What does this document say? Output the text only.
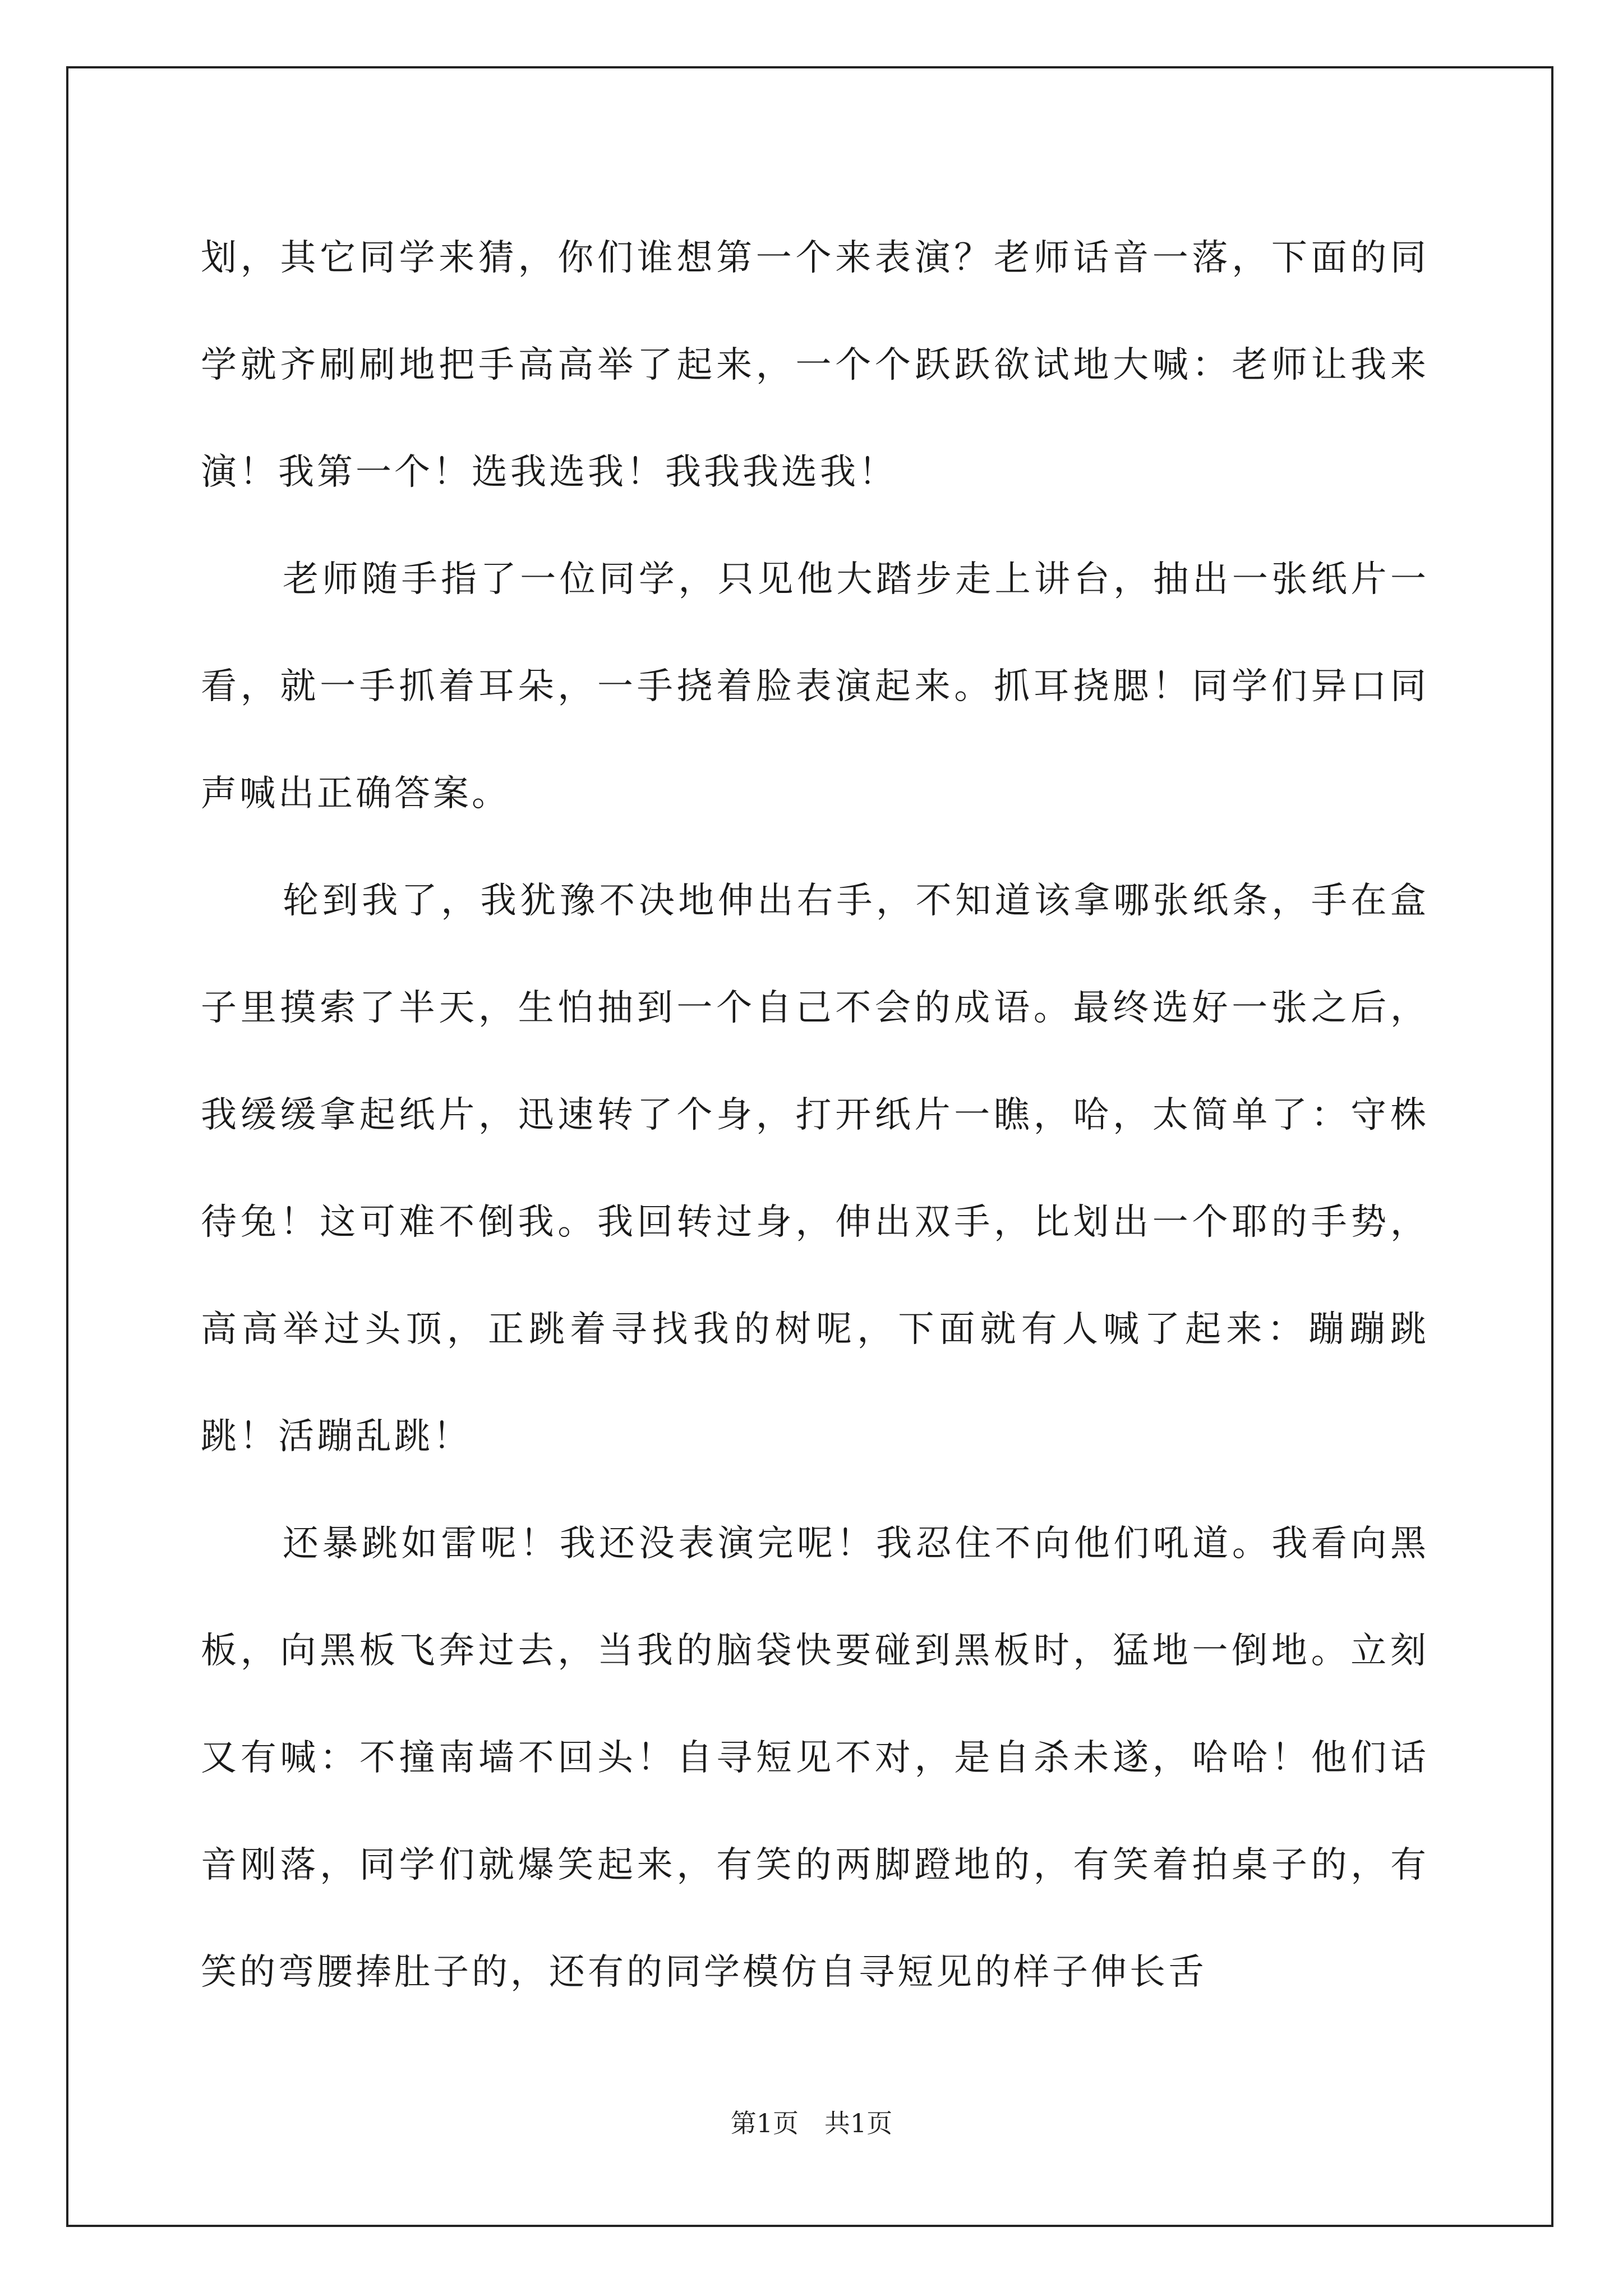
划，其它同学来猜，你们谁想第一个来表演？老师话音一落，下面的同学就齐刷刷地把手高高举了起来，一个个跃跃欲试地大喊：老师让我来演！我第一个！选我选我！我我我选我！

老师随手指了一位同学，只见他大踏步走上讲台，抽出一张纸片一看，就一手抓着耳朵，一手挠着脸表演起来。抓耳挠腮！同学们异口同声喊出正确答案。

轮到我了，我犹豫不决地伸出右手，不知道该拿哪张纸条，手在盒子里摸索了半天，生怕抽到一个自己不会的成语。最终选好一张之后，我缓缓拿起纸片，迅速转了个身，打开纸片一瞧，哈，太简单了：守株待兔！这可难不倒我。我回转过身，伸出双手，比划出一个耶的手势，高高举过头顶，正跳着寻找我的树呢，下面就有人喊了起来：蹦蹦跳跳！活蹦乱跳！

还暴跳如雷呢！我还没表演完呢！我忍住不向他们吼道。我看向黑板，向黑板飞奔过去，当我的脑袋快要碰到黑板时，猛地一倒地。立刻又有喊：不撞南墙不回头！自寻短见不对，是自杀未遂，哈哈！他们话音刚落，同学们就爆笑起来，有笑的两脚蹬地的，有笑着拍桌子的，有笑的弯腰捧肚子的，还有的同学模仿自寻短见的样子伸长舌

第1页　共1页
